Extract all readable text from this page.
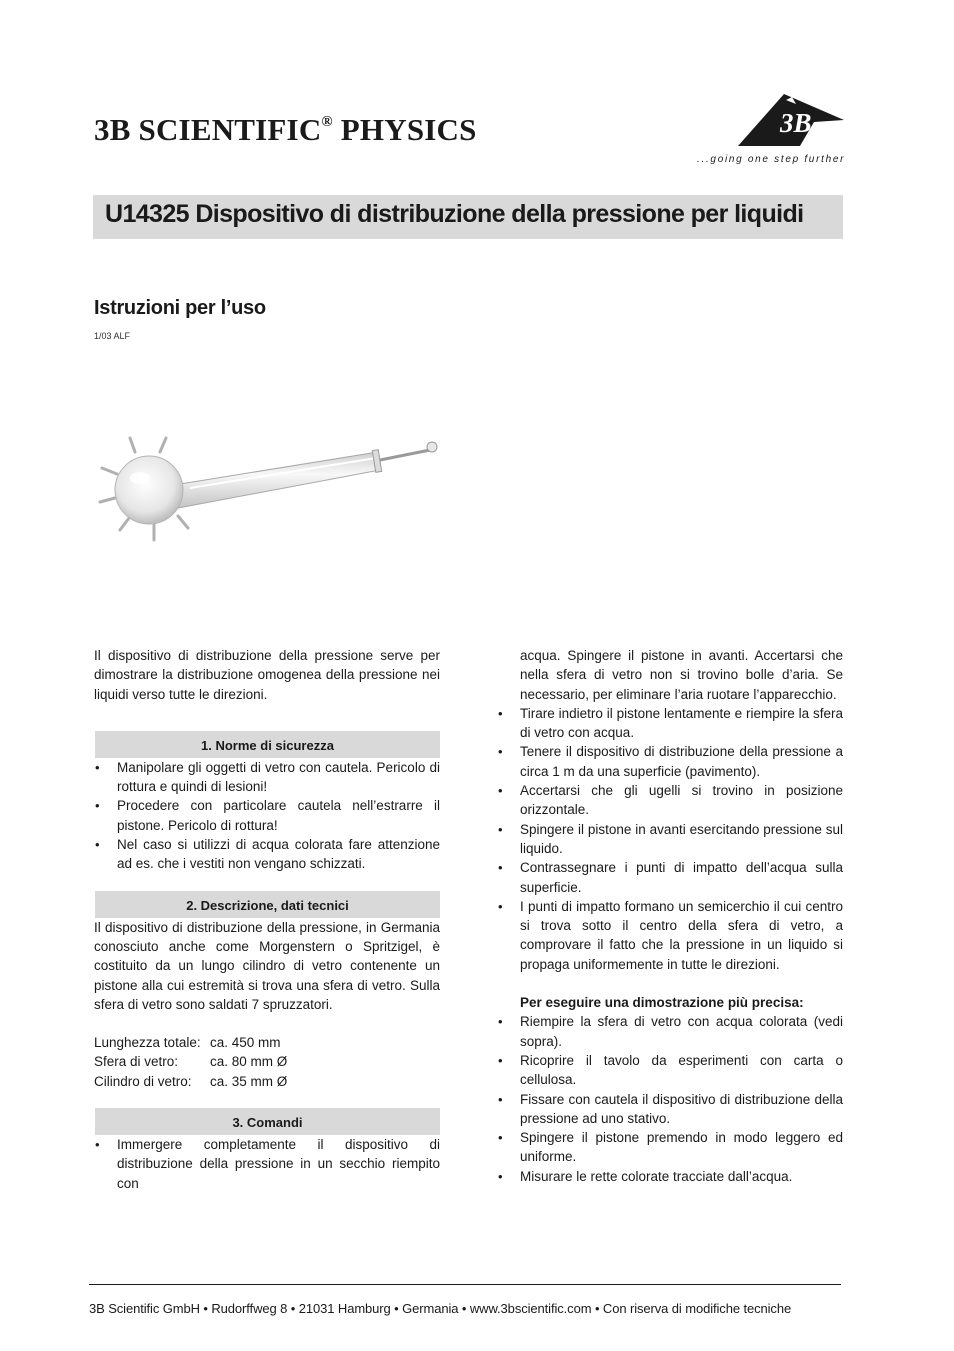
3B SCIENTIFIC® PHYSICS	3B
...going one step further
U14325 Dispositivo di distribuzione della pressione per liquidi
Istruzioni per l’uso
1/03 ALF

Il dispositivo di distribuzione della pressione serve per dimostrare la distribuzione omogenea della pressione nei liquidi verso tutte le direzioni.

1. Norme di sicurezza
• Manipolare gli oggetti di vetro con cautela. Pericolo di rottura e quindi di lesioni!
• Procedere con particolare cautela nell’estrarre il pistone. Pericolo di rottura!
• Nel caso si utilizzi di acqua colorata fare attenzione ad es. che i vestiti non vengano schizzati.
2. Descrizione, dati tecnici

Il dispositivo di distribuzione della pressione, in Germania conosciuto anche come Morgenstern o Spritzigel, è costituito da un lungo cilindro di vetro contenente un pistone alla cui estremità si trova una sfera di vetro. Sulla sfera di vetro sono saldati 7 spruzzatori.

Lunghezza totale: ca. 450 mm
Sfera di vetro:	ca. 80 mm Ø
Cilindro di vetro:	ca. 35 mm Ø
3. Comandi
• Immergere completamente il dispositivo di distribuzione della pressione in un secchio riempito con

acqua. Spingere il pistone in avanti. Accertarsi che nella sfera di vetro non si trovino bolle d’aria. Se necessario, per eliminare l’aria ruotare l’apparecchio.

• Tirare indietro il pistone lentamente e riempire la sfera di vetro con acqua.
• Tenere il dispositivo di distribuzione della pressione a circa 1 m da una superficie (pavimento).
• Accertarsi che gli ugelli si trovino in posizione orizzontale.
• Spingere il pistone in avanti esercitando pressione sul liquido.
• Contrassegnare i punti di impatto dell’acqua sulla superficie.
• I punti di impatto formano un semicerchio il cui centro si trova sotto il centro della sfera di vetro, a comprovare il fatto che la pressione in un liquido si propaga uniformemente in tutte le direzioni.

Per eseguire una dimostrazione più precisa:

• Riempire la sfera di vetro con acqua colorata (vedi sopra).
• Ricoprire il tavolo da esperimenti con carta o cellulosa.
• Fissare con cautela il dispositivo di distribuzione della pressione ad uno stativo.
• Spingere il pistone premendo in modo leggero ed uniforme.
• Misurare le rette colorate tracciate dall’acqua.
3B Scientific GmbH • Rudorffweg 8 • 21031 Hamburg • Germania • www.3bscientific.com • Con riserva di modifiche tecniche
